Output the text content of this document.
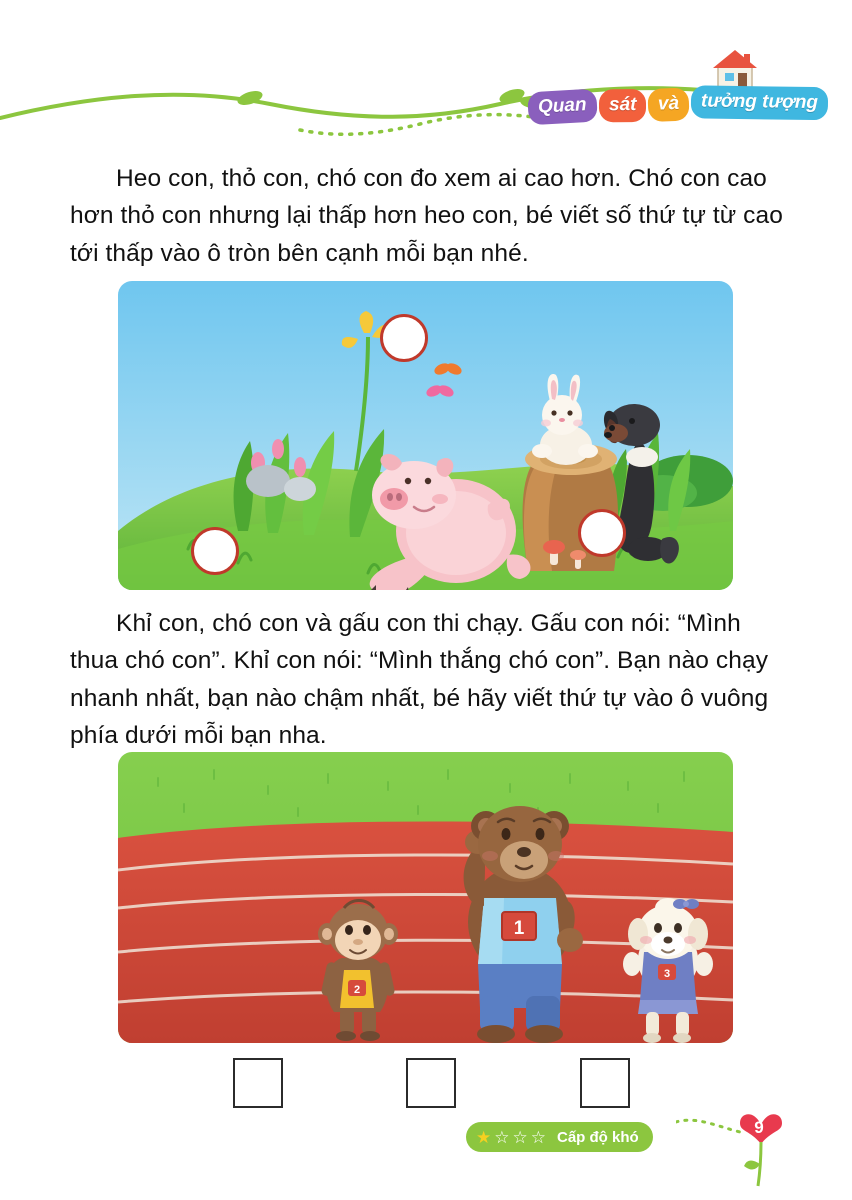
Quan	sát	và	tưởng tượng
Heo con, thỏ con, chó con đo xem ai cao hơn. Chó con cao hơn thỏ con nhưng lại thấp hơn heo con, bé viết số thứ tự từ cao tới thấp vào ô tròn bên cạnh mỗi bạn nhé.
Khỉ con, chó con và gấu con thi chạy. Gấu con nói: “Mình thua chó con”. Khỉ con nói: “Mình thắng chó con”. Bạn nào chạy nhanh nhất, bạn nào chậm nhất, bé hãy viết thứ tự vào ô vuông phía dưới mỗi bạn nha.
2
1
3
★ ☆ ☆ ☆ Cấp độ khó	9
